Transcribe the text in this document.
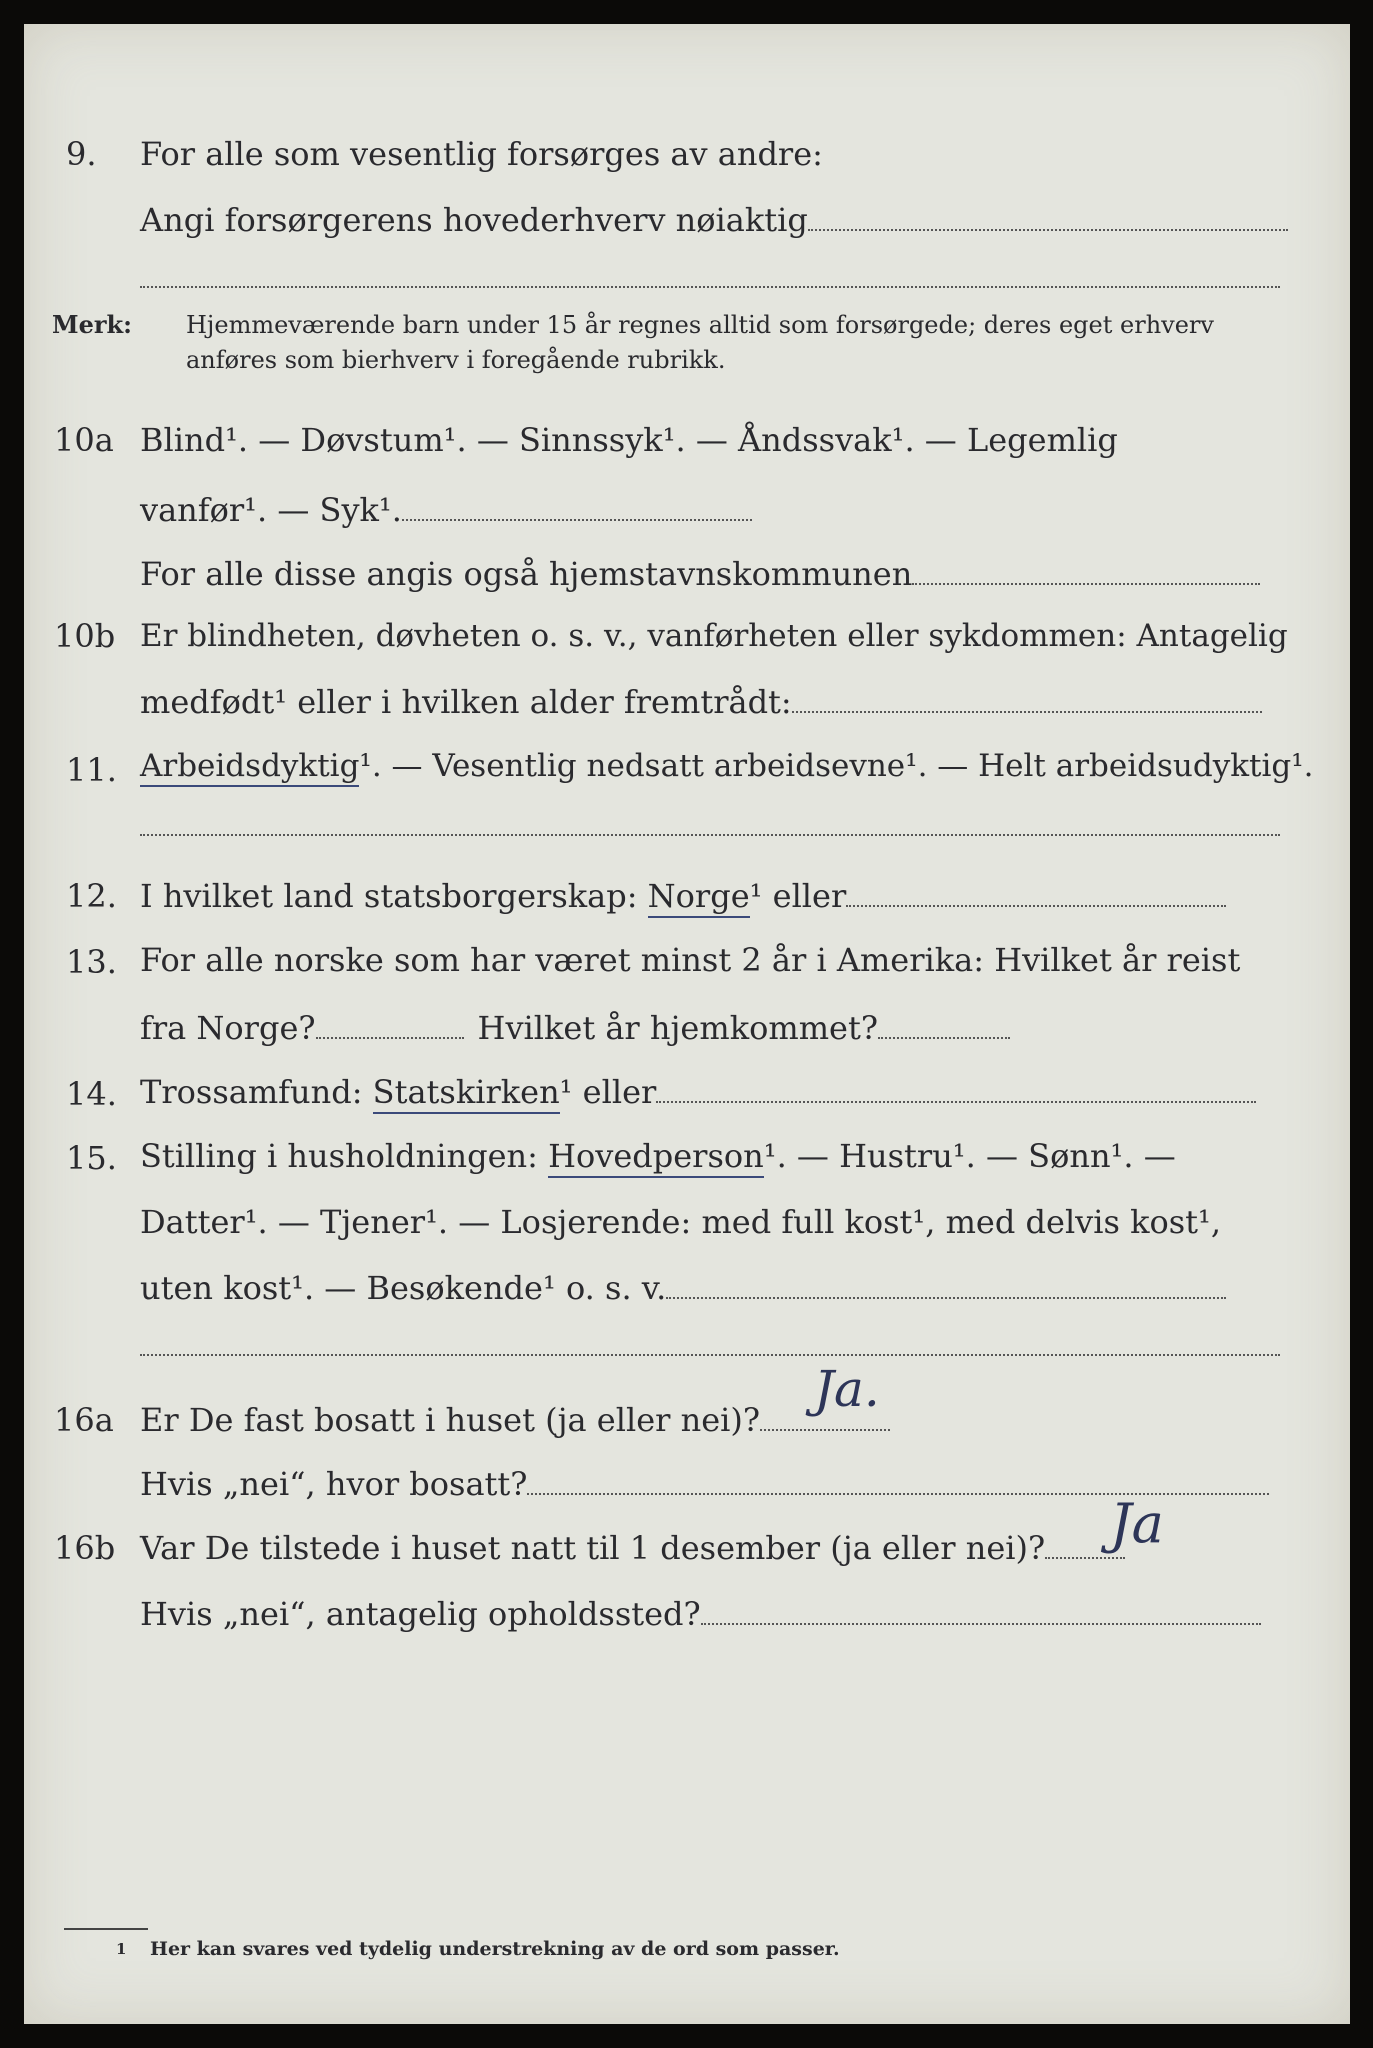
9. For alle som vesentlig forsørges av andre:
Angi forsørgerens hovederhverv nøiaktig
Merk: Hjemmeværende barn under 15 år regnes alltid som forsørgede; deres eget erhverv
anføres som bierhverv i foregående rubrikk.
10a Blind¹. — Døvstum¹. — Sinnssyk¹. — Åndssvak¹. — Legemlig
vanfør¹. — Syk¹.
For alle disse angis også hjemstavnskommunen
10b Er blindheten, døvheten o. s. v., vanførheten eller sykdommen: Antagelig
medfødt¹ eller i hvilken alder fremtrådt:
11. Arbeidsdyktig¹. — Vesentlig nedsatt arbeidsevne¹. — Helt arbeidsudyktig¹.
12. I hvilket land statsborgerskap: Norge¹ eller
13. For alle norske som har været minst 2 år i Amerika: Hvilket år reist
fra Norge?	Hvilket år hjemkommet?
14. Trossamfund: Statskirken¹ eller
15. Stilling i husholdningen: Hovedperson¹. — Hustru¹. — Sønn¹. —
Datter¹. — Tjener¹. — Losjerende: med full kost¹, med delvis kost¹,
uten kost¹. — Besøkende¹ o. s. v.
16a Er De fast bosatt i huset (ja eller nei)?
Ja.
Hvis „nei“, hvor bosatt?
16b Var De tilstede i huset natt til 1 desember (ja eller nei)?	Ja
Hvis „nei“, antagelig opholdssted?
1 Her kan svares ved tydelig understrekning av de ord som passer.
